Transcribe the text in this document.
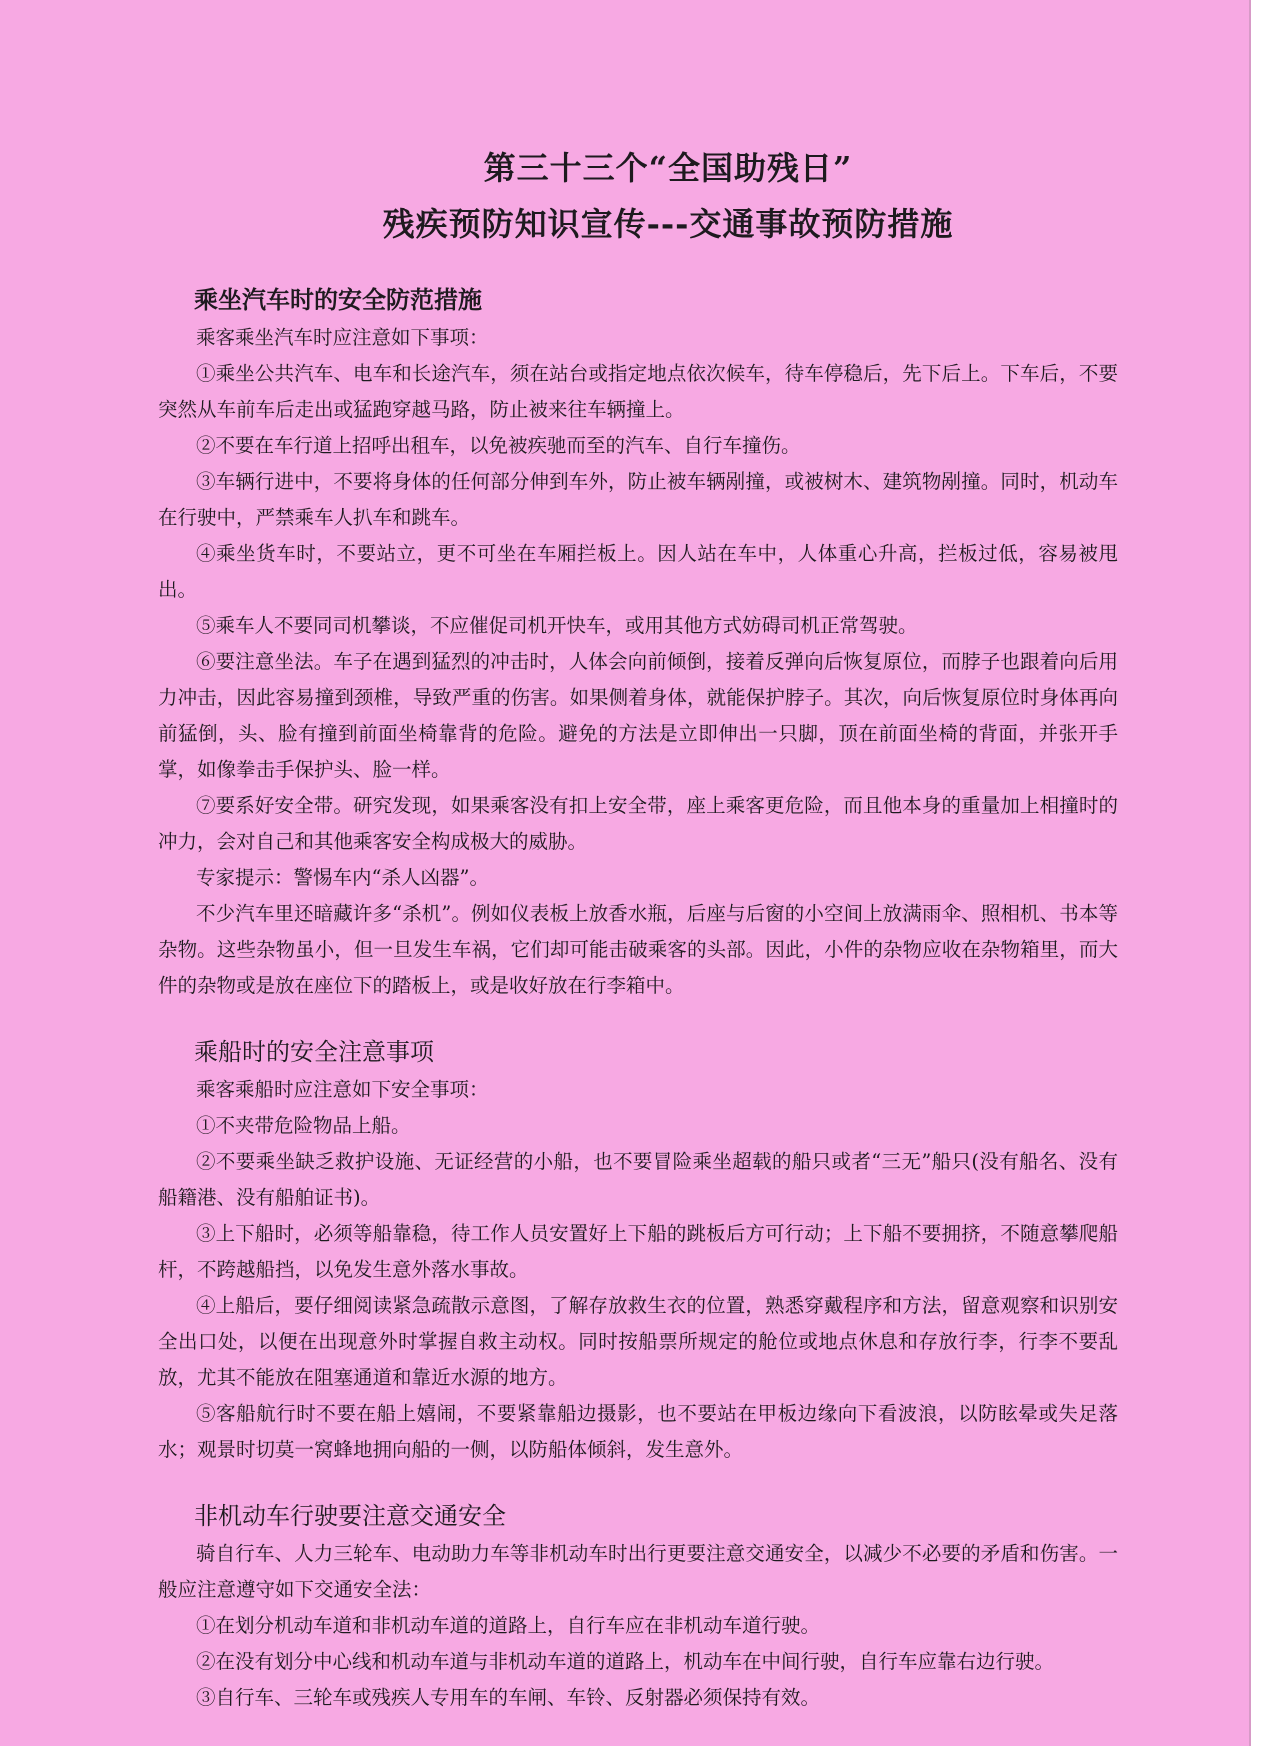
第三十三个“全国助残日”
残疾预防知识宣传---交通事故预防措施
乘坐汽车时的安全防范措施

乘客乘坐汽车时应注意如下事项：

①乘坐公共汽车、电车和长途汽车，须在站台或指定地点依次候车，待车停稳后，先下后上。下车后，不要突然从车前车后走出或猛跑穿越马路，防止被来往车辆撞上。

②不要在车行道上招呼出租车，以免被疾驰而至的汽车、自行车撞伤。

③车辆行进中，不要将身体的任何部分伸到车外，防止被车辆剐撞，或被树木、建筑物剐撞。同时，机动车在行驶中，严禁乘车人扒车和跳车。

④乘坐货车时，不要站立，更不可坐在车厢拦板上。因人站在车中，人体重心升高，拦板过低，容易被甩出。

⑤乘车人不要同司机攀谈，不应催促司机开快车，或用其他方式妨碍司机正常驾驶。

⑥要注意坐法。车子在遇到猛烈的冲击时，人体会向前倾倒，接着反弹向后恢复原位，而脖子也跟着向后用力冲击，因此容易撞到颈椎，导致严重的伤害。如果侧着身体，就能保护脖子。其次，向后恢复原位时身体再向前猛倒，头、脸有撞到前面坐椅靠背的危险。避免的方法是立即伸出一只脚，顶在前面坐椅的背面，并张开手掌，如像拳击手保护头、脸一样。

⑦要系好安全带。研究发现，如果乘客没有扣上安全带，座上乘客更危险，而且他本身的重量加上相撞时的冲力，会对自己和其他乘客安全构成极大的威胁。

专家提示：警惕车内“杀人凶器”。

不少汽车里还暗藏许多“杀机”。例如仪表板上放香水瓶，后座与后窗的小空间上放满雨伞、照相机、书本等杂物。这些杂物虽小，但一旦发生车祸，它们却可能击破乘客的头部。因此，小件的杂物应收在杂物箱里，而大件的杂物或是放在座位下的踏板上，或是收好放在行李箱中。

乘船时的安全注意事项

乘客乘船时应注意如下安全事项：

①不夹带危险物品上船。

②不要乘坐缺乏救护设施、无证经营的小船，也不要冒险乘坐超载的船只或者“三无”船只(没有船名、没有船籍港、没有船舶证书)。

③上下船时，必须等船靠稳，待工作人员安置好上下船的跳板后方可行动；上下船不要拥挤，不随意攀爬船杆，不跨越船挡，以免发生意外落水事故。

④上船后，要仔细阅读紧急疏散示意图，了解存放救生衣的位置，熟悉穿戴程序和方法，留意观察和识别安全出口处，以便在出现意外时掌握自救主动权。同时按船票所规定的舱位或地点休息和存放行李，行李不要乱放，尤其不能放在阻塞通道和靠近水源的地方。

⑤客船航行时不要在船上嬉闹，不要紧靠船边摄影，也不要站在甲板边缘向下看波浪，以防眩晕或失足落水；观景时切莫一窝蜂地拥向船的一侧，以防船体倾斜，发生意外。

非机动车行驶要注意交通安全

骑自行车、人力三轮车、电动助力车等非机动车时出行更要注意交通安全，以减少不必要的矛盾和伤害。一般应注意遵守如下交通安全法：

①在划分机动车道和非机动车道的道路上，自行车应在非机动车道行驶。

②在没有划分中心线和机动车道与非机动车道的道路上，机动车在中间行驶，自行车应靠右边行驶。

③自行车、三轮车或残疾人专用车的车闸、车铃、反射器必须保持有效。
